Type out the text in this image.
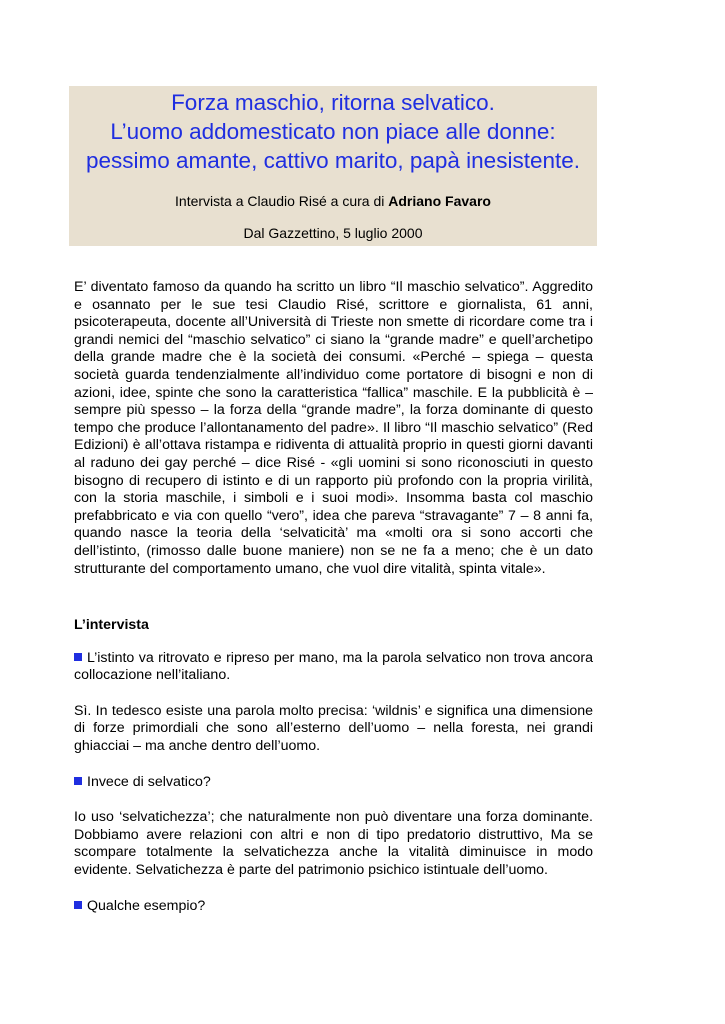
Forza maschio, ritorna selvatico.
L’uomo addomesticato non piace alle donne:
pessimo amante, cattivo marito, papà inesistente.
Intervista a Claudio Risé a cura di Adriano Favaro
Dal Gazzettino, 5 luglio 2000

E’ diventato famoso da quando ha scritto un libro “Il maschio selvatico”. Aggredito e osannato per le sue tesi Claudio Risé, scrittore e giornalista, 61 anni, psicoterapeuta, docente all’Università di Trieste non smette di ricordare come tra i grandi nemici del “maschio selvatico” ci siano la “grande madre” e quell’archetipo della grande madre che è la società dei consumi. «Perché – spiega – questa società guarda tendenzialmente all’individuo come portatore di bisogni e non di azioni, idee, spinte che sono la caratteristica “fallica” maschile. E la pubblicità è – sempre più spesso – la forza della “grande madre”, la forza dominante di questo tempo che produce l’allontanamento del padre». Il libro “Il maschio selvatico” (Red Edizioni) è all’ottava ristampa e ridiventa di attualità proprio in questi giorni davanti al raduno dei gay perché – dice Risé - «gli uomini si sono riconosciuti in questo bisogno di recupero di istinto e di un rapporto più profondo con la propria virilità, con la storia maschile, i simboli e i suoi modi». Insomma basta col maschio prefabbricato e via con quello “vero”, idea che pareva “stravagante” 7 – 8 anni fa, quando nasce la teoria della ‘selvaticità’ ma «molti ora si sono accorti che dell’istinto, (rimosso dalle buone maniere) non se ne fa a meno; che è un dato strutturante del comportamento umano, che vuol dire vitalità, spinta vitale».

L’intervista

L’istinto va ritrovato e ripreso per mano, ma la parola selvatico non trova ancora collocazione nell’italiano.

Sì. In tedesco esiste una parola molto precisa: ‘wildnis’ e significa una dimensione di forze primordiali che sono all’esterno dell’uomo – nella foresta, nei grandi ghiacciai – ma anche dentro dell’uomo.

Invece di selvatico?

Io uso ‘selvatichezza’; che naturalmente non può diventare una forza dominante. Dobbiamo avere relazioni con altri e non di tipo predatorio distruttivo, Ma se scompare totalmente la selvatichezza anche la vitalità diminuisce in modo evidente. Selvatichezza è parte del patrimonio psichico istintuale dell’uomo.

Qualche esempio?
